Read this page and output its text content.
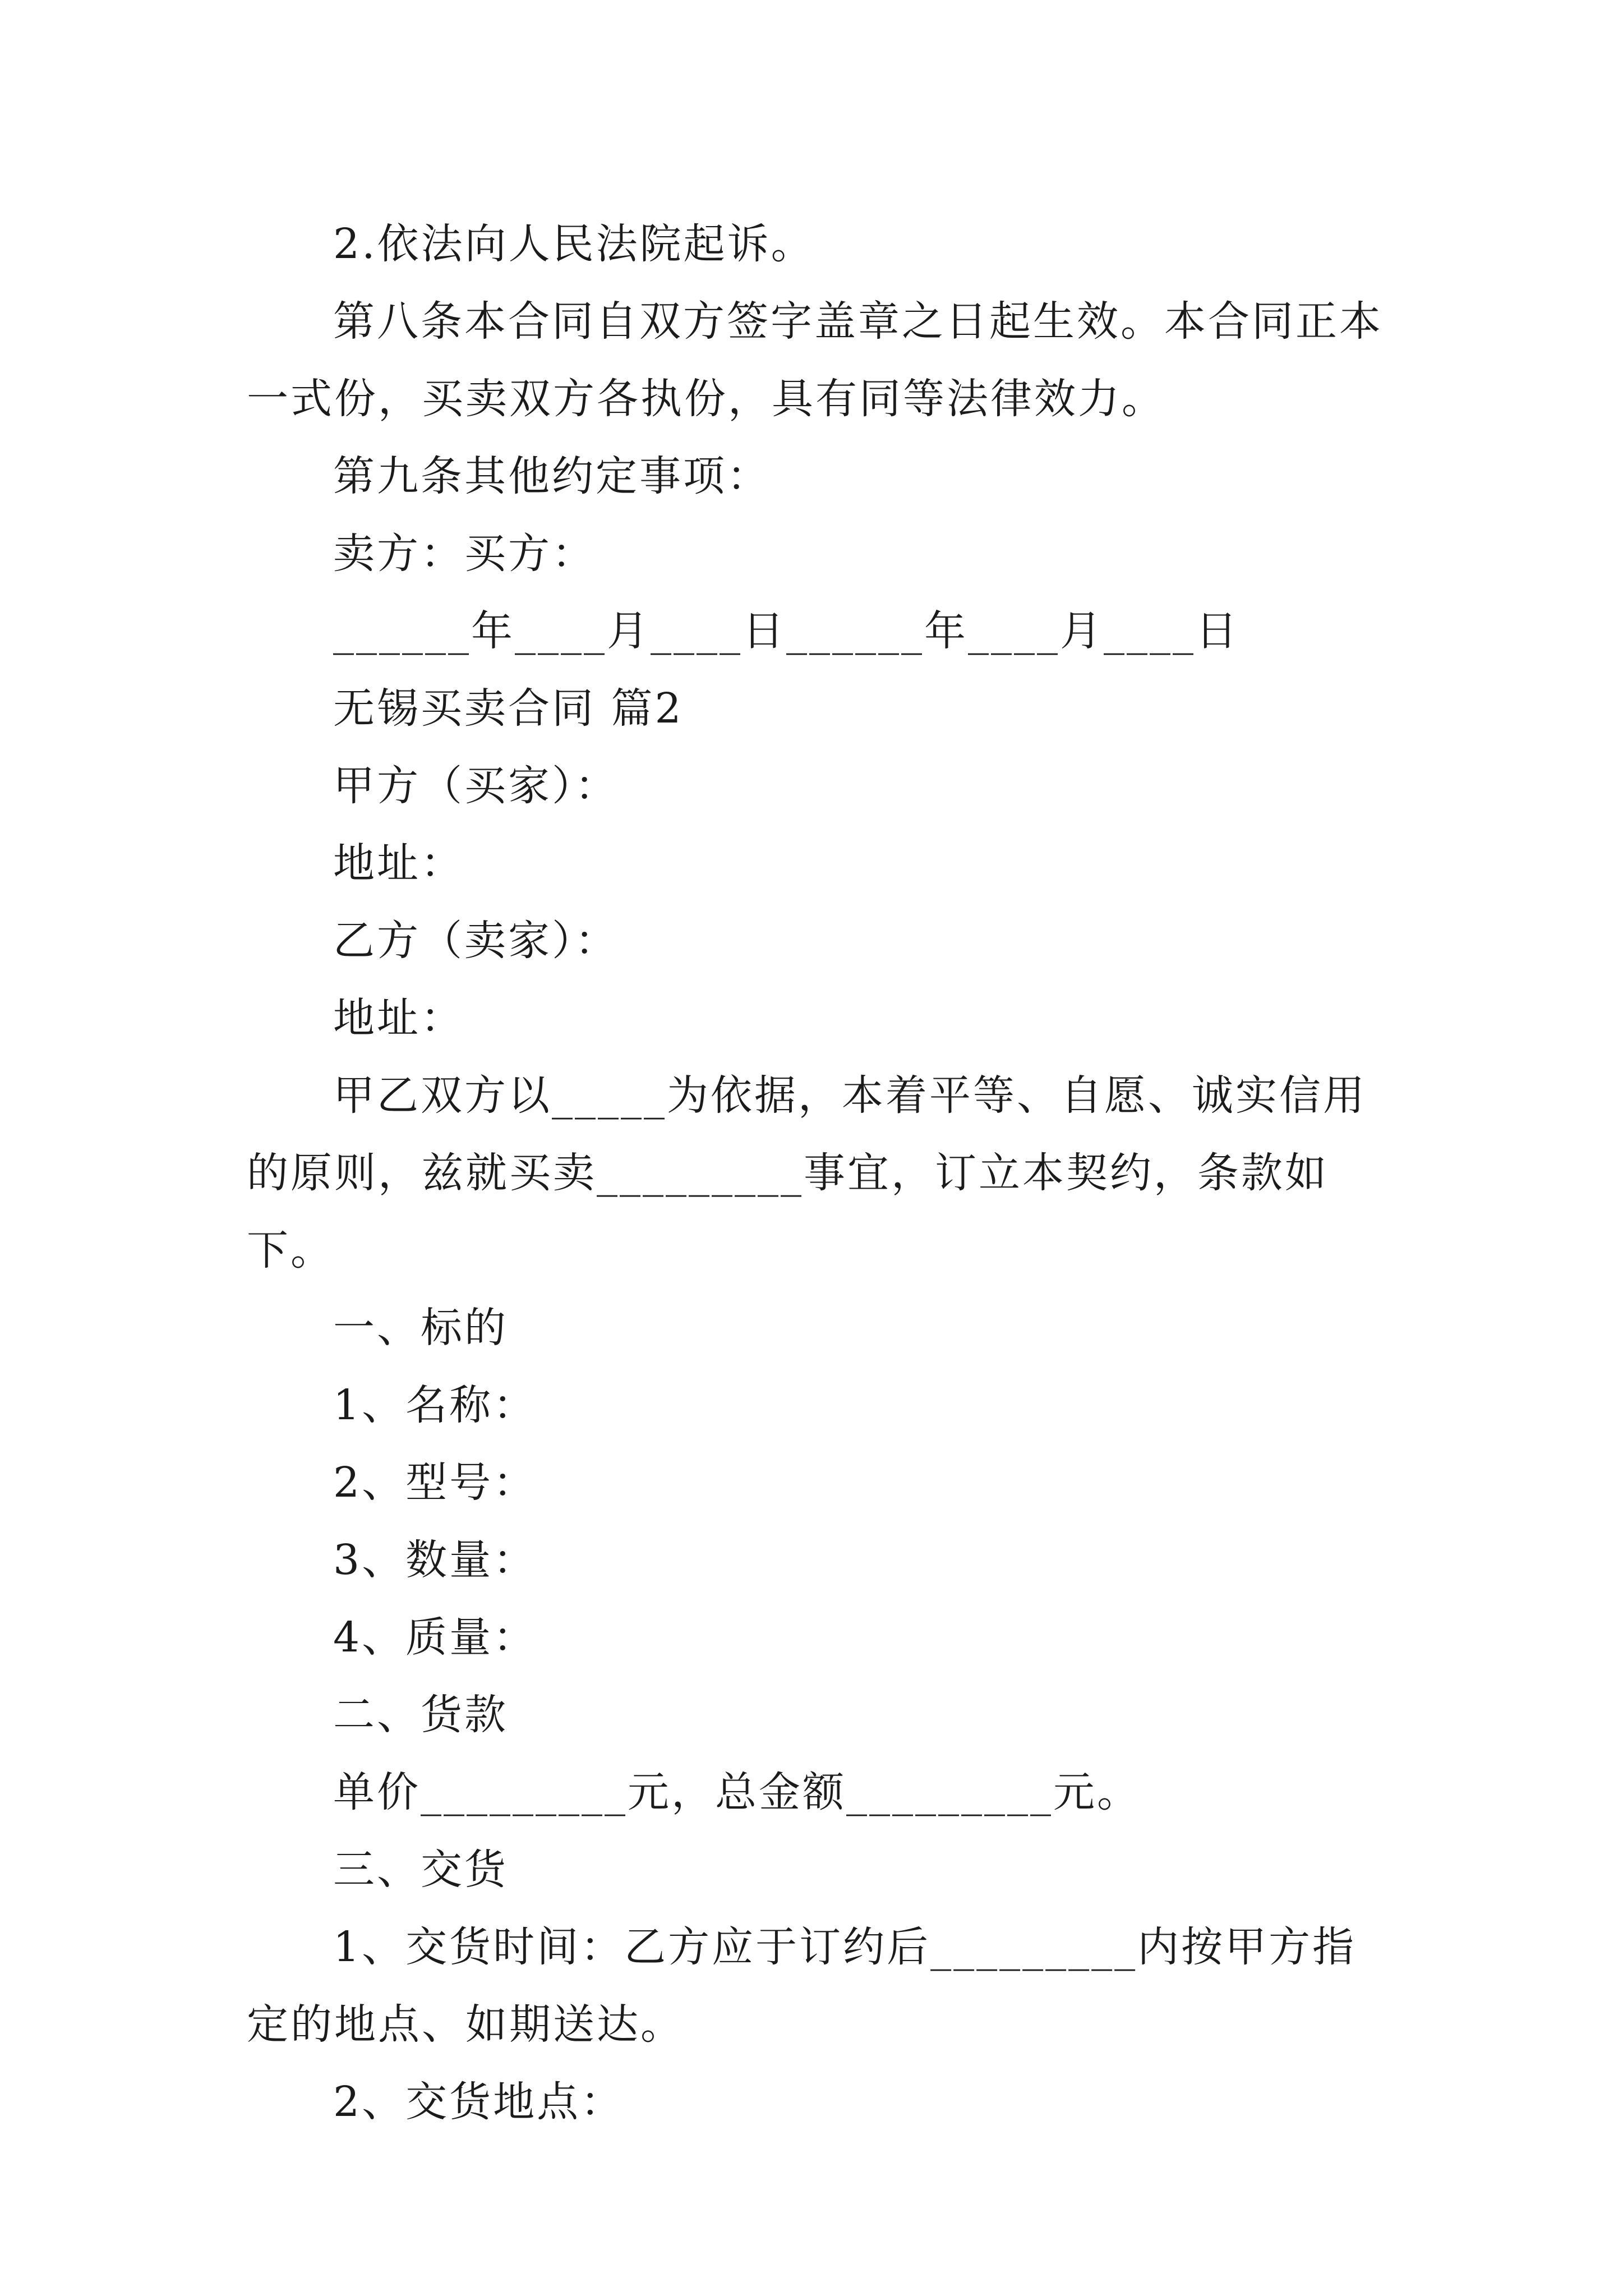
2.依法向人民法院起诉。

第八条本合同自双方签字盖章之日起生效。本合同正本一式份，买卖双方各执份，具有同等法律效力。

第九条其他约定事项：

卖方：买方：

______年____月____日______年____月____日

无锡买卖合同 篇2

甲方（买家）：

地址：

乙方（卖家）：

地址：

甲乙双方以_____为依据，本着平等、自愿、诚实信用的原则，兹就买卖_________事宜，订立本契约，条款如下。

一、标的

1、名称：

2、型号：

3、数量：

4、质量：

二、货款

单价_________元，总金额_________元。

三、交货

1、交货时间：乙方应于订约后_________内按甲方指定的地点、如期送达。

2、交货地点：
